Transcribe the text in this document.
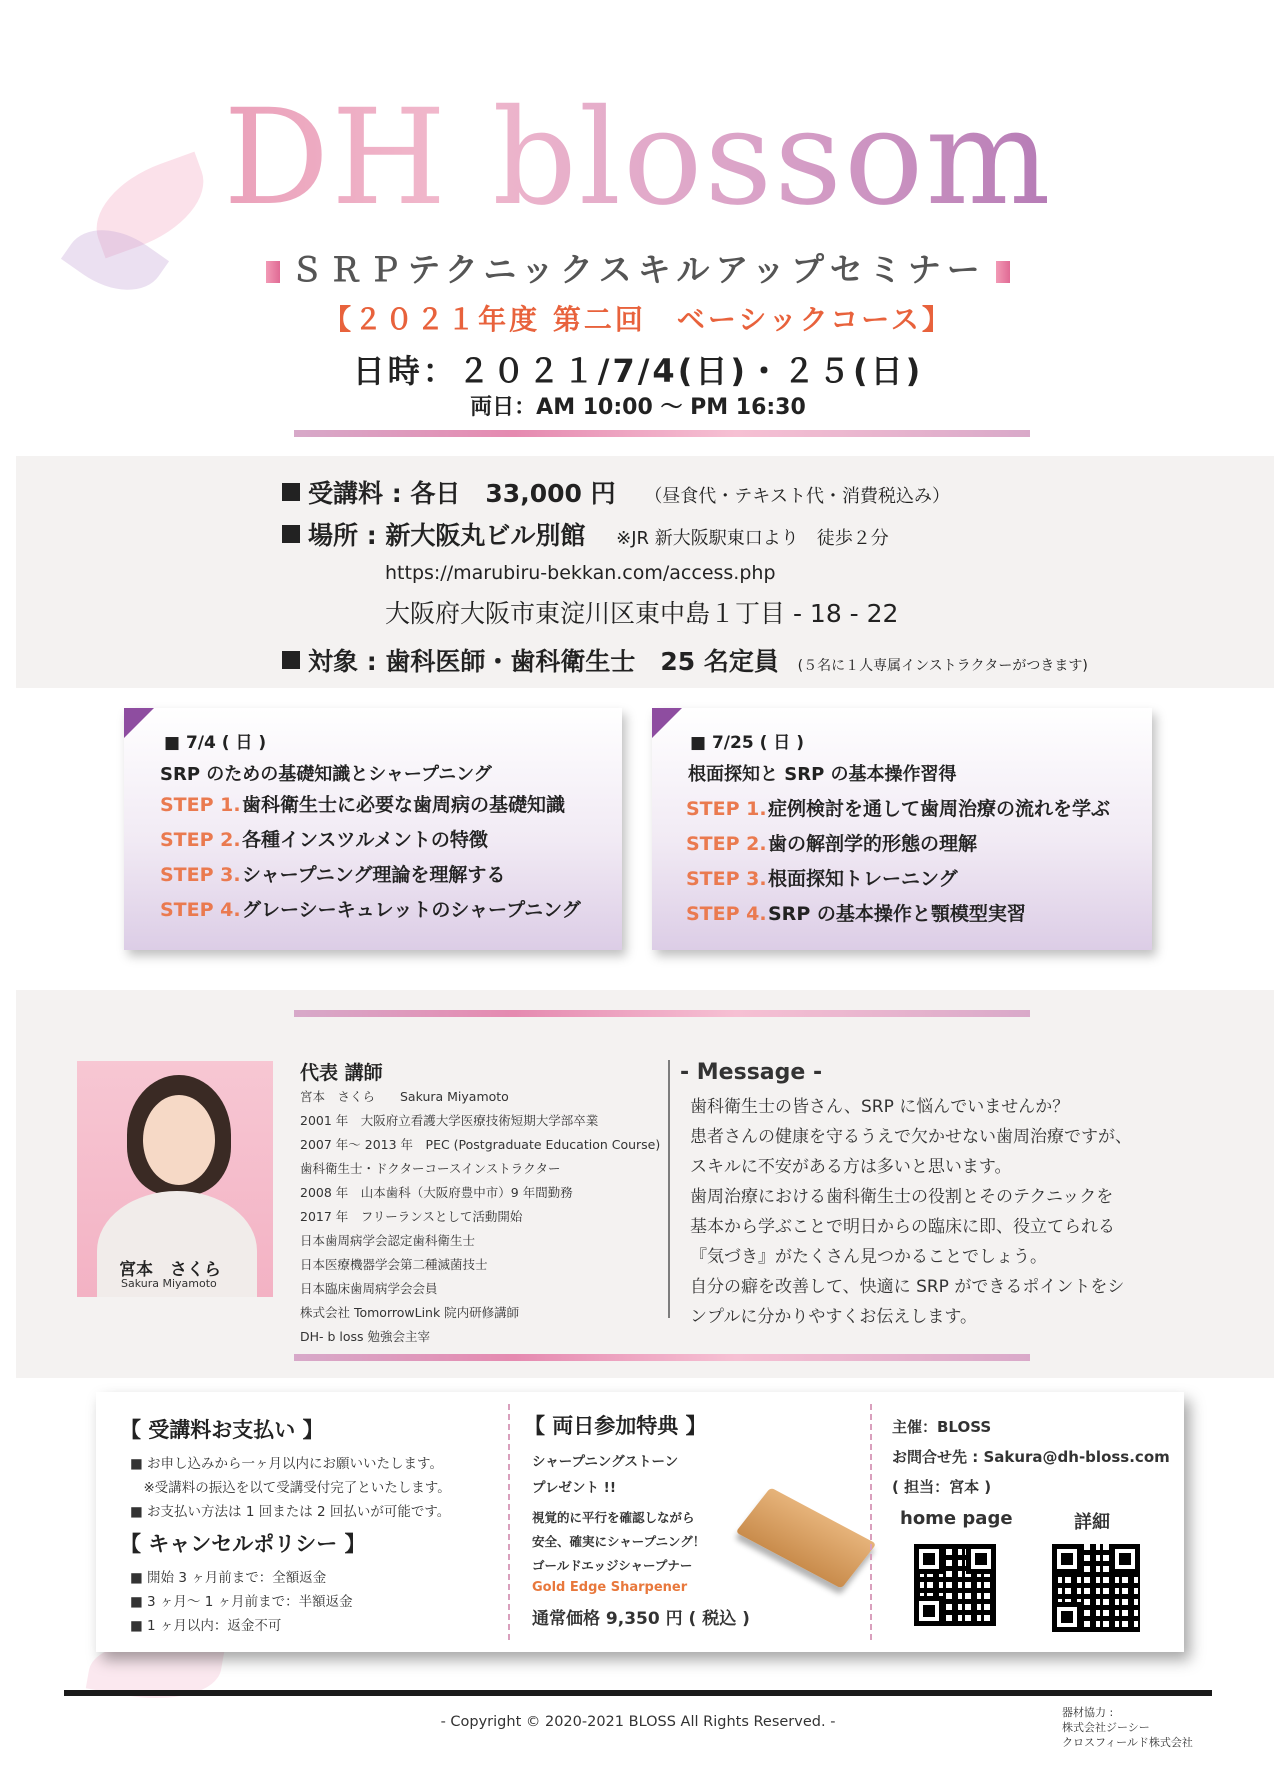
DH blossom
ＳＲＰテクニックスキルアップセミナー
【２０２１年度 第二回　ベーシックコース】
日時：２０２１/7/4(日)・２５(日)
両日：AM 10:00 〜 PM 16:30
受講料 : 各日　33,000 円 （昼食代・テキスト代・消費税込み）
場所 : 新大阪丸ビル別館 ※JR 新大阪駅東口より　徒歩２分
https://marubiru-bekkan.com/access.php
大阪府大阪市東淀川区東中島１丁目 - 18 - 22
対象 : 歯科医師・歯科衛生士　25 名定員 (５名に１人専属インストラクターがつきます)
■ 7/4 ( 日 )
SRP のための基礎知識とシャープニング
STEP 1.歯科衛生士に必要な歯周病の基礎知識
STEP 2.各種インスツルメントの特徴
STEP 3.シャープニング理論を理解する
STEP 4.グレーシーキュレットのシャープニング
■ 7/25 ( 日 )
根面探知と SRP の基本操作習得
STEP 1.症例検討を通して歯周治療の流れを学ぶ
STEP 2.歯の解剖学的形態の理解
STEP 3.根面探知トレーニング
STEP 4.SRP の基本操作と顎模型実習
宮本　さくら
Sakura Miyamoto
代表 講師
宮本　さくら　　Sakura Miyamoto
2001 年　大阪府立看護大学医療技術短期大学部卒業
2007 年〜 2013 年　PEC (Postgraduate Education Course)
歯科衛生士・ドクターコースインストラクター
2008 年　山本歯科（大阪府豊中市）9 年間勤務
2017 年　フリーランスとして活動開始
日本歯周病学会認定歯科衛生士
日本医療機器学会第二種滅菌技士
日本臨床歯周病学会会員
株式会社 TomorrowLink 院内研修講師
DH- b loss 勉強会主宰
- Message -
歯科衛生士の皆さん、SRP に悩んでいませんか？
患者さんの健康を守るうえで欠かせない歯周治療ですが、
スキルに不安がある方は多いと思います。
歯周治療における歯科衛生士の役割とそのテクニックを
基本から学ぶことで明日からの臨床に即、役立てられる
『気づき』がたくさん見つかることでしょう。
自分の癖を改善して、快適に SRP ができるポイントをシ
ンプルに分かりやすくお伝えします。
【 受講料お支払い 】
■ お申し込みから一ヶ月以内にお願いいたします。
　※受講料の振込を以て受講受付完了といたします。
■ お支払い方法は 1 回または 2 回払いが可能です。
【 キャンセルポリシー 】
■ 開始 3 ヶ月前まで：全額返金
■ 3 ヶ月〜 1 ヶ月前まで：半額返金
■ 1 ヶ月以内：返金不可
【 両日参加特典 】
シャープニングストーン
プレゼント !!
視覚的に平行を確認しながら
安全、確実にシャープニング！
ゴールドエッジシャープナー
Gold Edge Sharpener
通常価格 9,350 円 ( 税込 )
主催：BLOSS
お問合せ先 : Sakura@dh-bloss.com
( 担当：宮本 )
home page	詳細
- Copyright © 2020-2021 BLOSS All Rights Reserved. -
器材協力 :
株式会社ジーシー
クロスフィールド株式会社
